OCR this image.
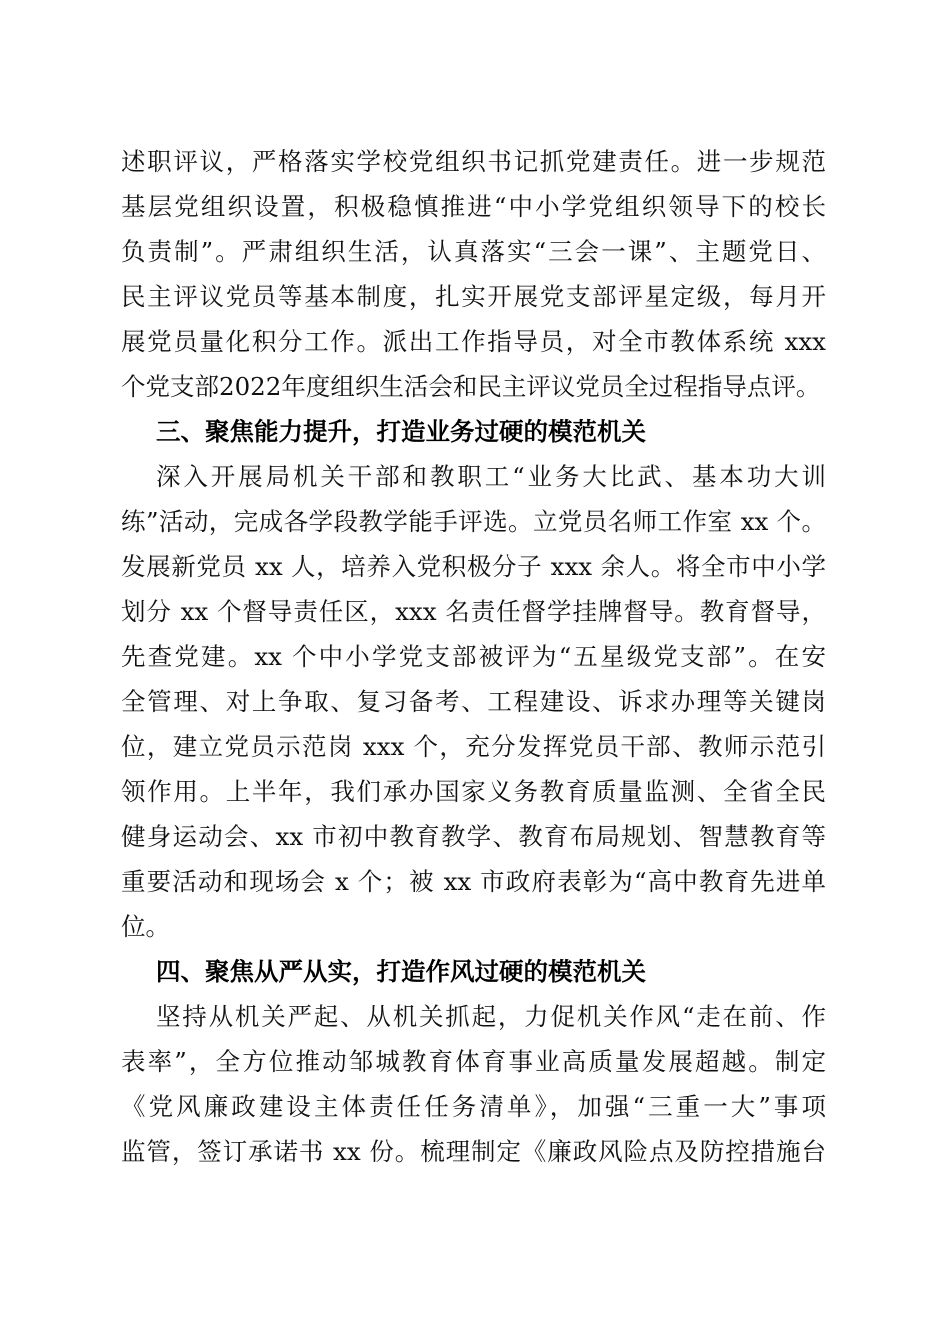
述职评议，严格落实学校党组织书记抓党建责任。进一步规范
基层党组织设置，积极稳慎推进“中小学党组织领导下的校长
负责制”。严肃组织生活，认真落实“三会一课”、主题党日、
民主评议党员等基本制度，扎实开展党支部评星定级，每月开
展党员量化积分工作。派出工作指导员，对全市教体系统 xxx
个党支部2022年度组织生活会和民主评议党员全过程指导点评。
三、聚焦能力提升，打造业务过硬的模范机关
深入开展局机关干部和教职工“业务大比武、基本功大训
练”活动，完成各学段教学能手评选。立党员名师工作室 xx 个。
发展新党员 xx 人，培养入党积极分子 xxx 余人。将全市中小学
划分 xx 个督导责任区，xxx 名责任督学挂牌督导。教育督导，
先查党建。xx 个中小学党支部被评为“五星级党支部”。在安
全管理、对上争取、复习备考、工程建设、诉求办理等关键岗
位，建立党员示范岗 xxx 个，充分发挥党员干部、教师示范引
领作用。上半年，我们承办国家义务教育质量监测、全省全民
健身运动会、xx 市初中教育教学、教育布局规划、智慧教育等
重要活动和现场会 x 个；被 xx 市政府表彰为“高中教育先进单
位。
四、聚焦从严从实，打造作风过硬的模范机关
坚持从机关严起、从机关抓起，力促机关作风“走在前、作
表率”，全方位推动邹城教育体育事业高质量发展超越。制定
《党风廉政建设主体责任任务清单》，加强“三重一大”事项
监管，签订承诺书 xx 份。梳理制定《廉政风险点及防控措施台
